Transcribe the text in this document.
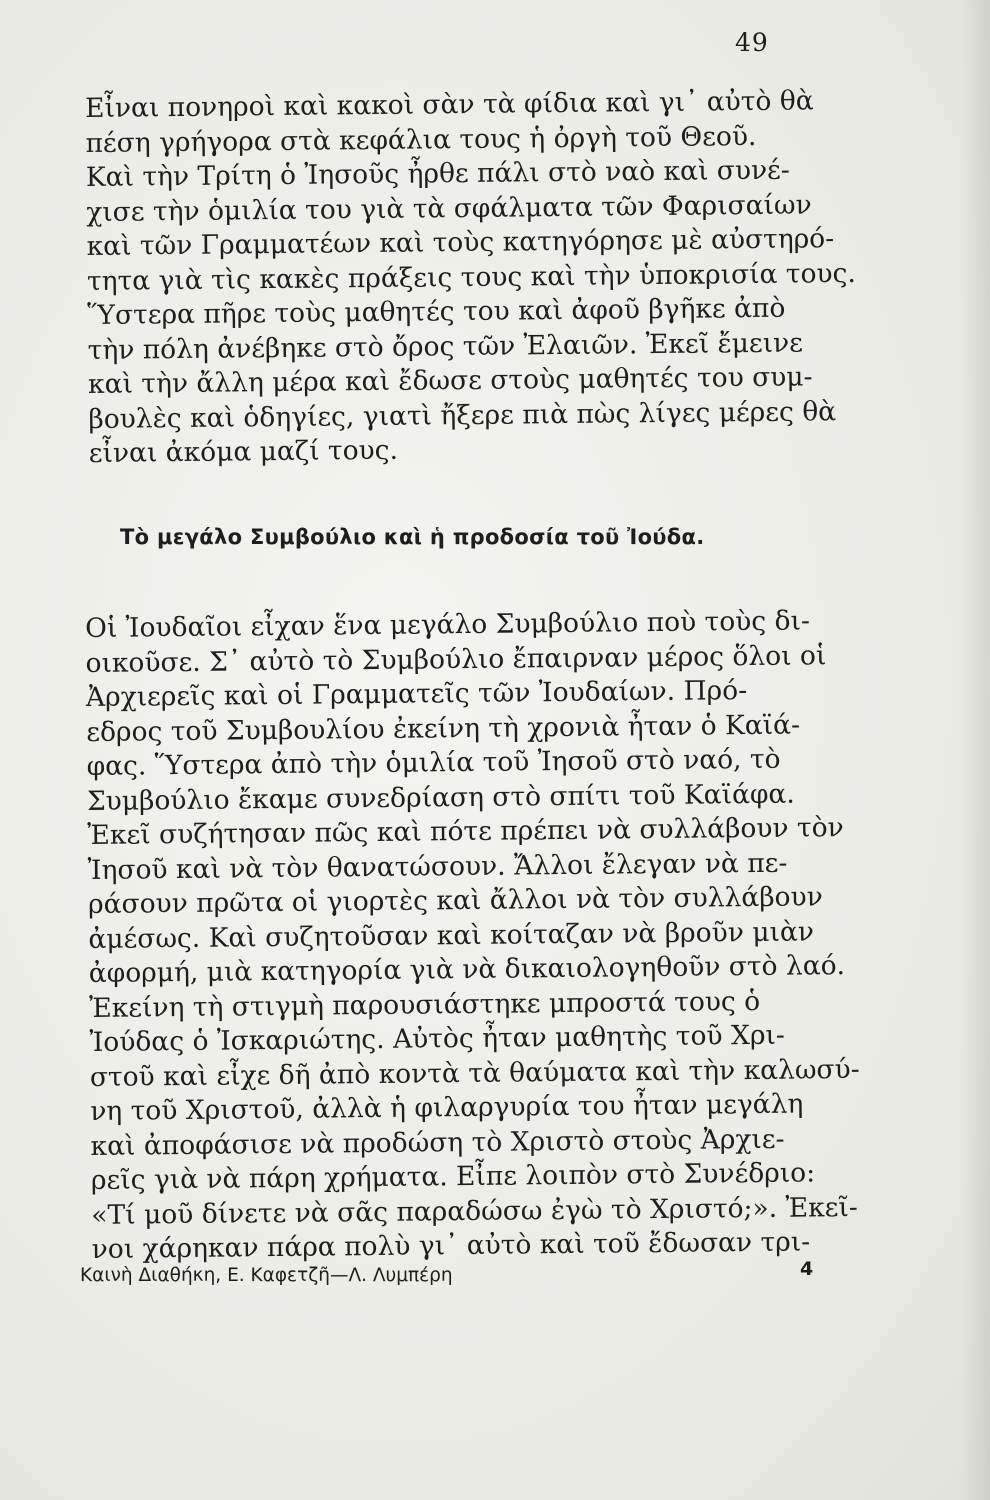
49
Εἶναι πονηροὶ καὶ κακοὶ σὰν τὰ φίδια καὶ γι᾽ αὐτὸ θὰ
πέση γρήγορα στὰ κεφάλια τους ἡ ὀργὴ τοῦ Θεοῦ.
Καὶ τὴν Τρίτη ὁ Ἰησοῦς ἦρθε πάλι στὸ ναὸ καὶ συνέ-
χισε τὴν ὁμιλία του γιὰ τὰ σφάλματα τῶν Φαρισαίων
καὶ τῶν Γραμματέων καὶ τοὺς κατηγόρησε μὲ αὐστηρό-
τητα γιὰ τὶς κακὲς πράξεις τους καὶ τὴν ὑποκρισία τους.
Ὕστερα πῆρε τοὺς μαθητές του καὶ ἀφοῦ βγῆκε ἀπὸ
τὴν πόλη ἀνέβηκε στὸ ὄρος τῶν Ἐλαιῶν. Ἐκεῖ ἔμεινε
καὶ τὴν ἄλλη μέρα καὶ ἔδωσε στοὺς μαθητές του συμ-
βουλὲς καὶ ὁδηγίες, γιατὶ ἤξερε πιὰ πὼς λίγες μέρες θὰ
εἶναι ἀκόμα μαζί τους.
Τὸ μεγάλο Συμβούλιο καὶ ἡ προδοσία τοῦ Ἰούδα.
Οἱ Ἰουδαῖοι εἶχαν ἕνα μεγάλο Συμβούλιο ποὺ τοὺς δι-
οικοῦσε. Σ᾽ αὐτὸ τὸ Συμβούλιο ἔπαιρναν μέρος ὅλοι οἱ
Ἀρχιερεῖς καὶ οἱ Γραμματεῖς τῶν Ἰουδαίων. Πρό-
εδρος τοῦ Συμβουλίου ἐκείνη τὴ χρονιὰ ἦταν ὁ Καϊά-
φας. Ὕστερα ἀπὸ τὴν ὁμιλία τοῦ Ἰησοῦ στὸ ναό, τὸ
Συμβούλιο ἔκαμε συνεδρίαση στὸ σπίτι τοῦ Καϊάφα.
Ἐκεῖ συζήτησαν πῶς καὶ πότε πρέπει νὰ συλλάβουν τὸν
Ἰησοῦ καὶ νὰ τὸν θανατώσουν. Ἄλλοι ἔλεγαν νὰ πε-
ράσουν πρῶτα οἱ γιορτὲς καὶ ἄλλοι νὰ τὸν συλλάβουν
ἀμέσως. Καὶ συζητοῦσαν καὶ κοίταζαν νὰ βροῦν μιὰν
ἀφορμή, μιὰ κατηγορία γιὰ νὰ δικαιολογηθοῦν στὸ λαό.
Ἐκείνη τὴ στιγμὴ παρουσιάστηκε μπροστά τους ὁ
Ἰούδας ὁ Ἰσκαριώτης. Αὐτὸς ἦταν μαθητὴς τοῦ Χρι-
στοῦ καὶ εἶχε δῆ ἀπὸ κοντὰ τὰ θαύματα καὶ τὴν καλωσύ-
νη τοῦ Χριστοῦ, ἀλλὰ ἡ φιλαργυρία του ἦταν μεγάλη
καὶ ἀποφάσισε νὰ προδώση τὸ Χριστὸ στοὺς Ἀρχιε-
ρεῖς γιὰ νὰ πάρη χρήματα. Εἶπε λοιπὸν στὸ Συνέδριο:
«Τί μοῦ δίνετε νὰ σᾶς παραδώσω ἐγὼ τὸ Χριστό;». Ἐκεῖ-
νοι χάρηκαν πάρα πολὺ γι᾽ αὐτὸ καὶ τοῦ ἔδωσαν τρι-
Καινὴ Διαθήκη, Ε. Καφετζῆ—Λ. Λυμπέρη	4
